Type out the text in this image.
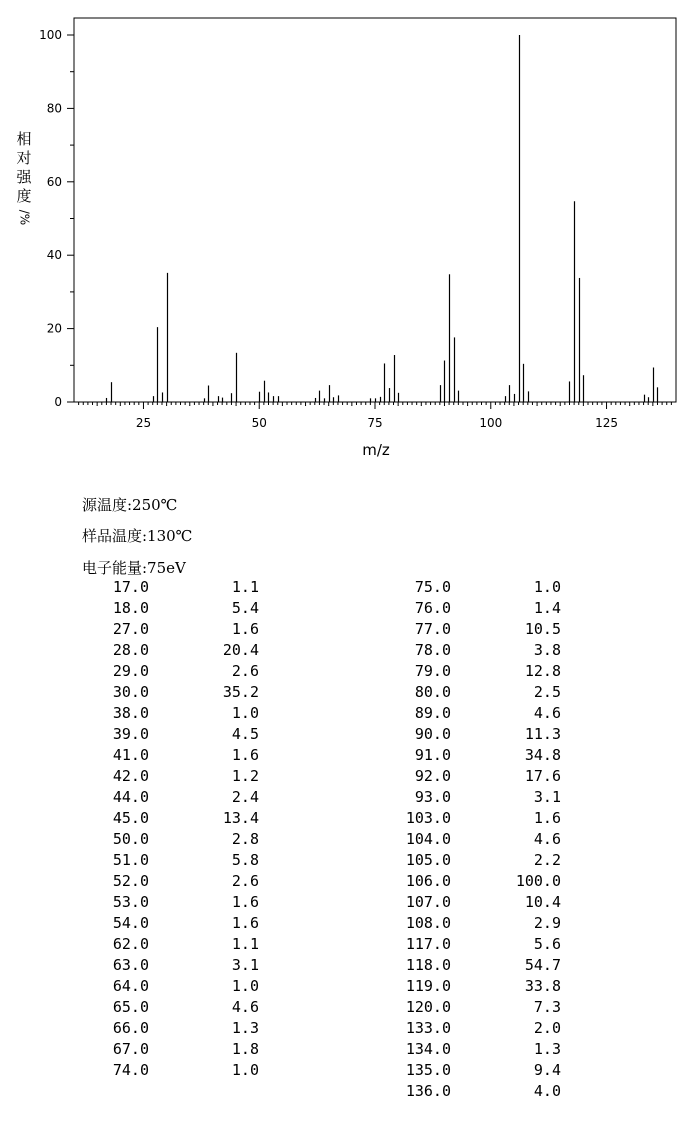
25	50	75	100	125
0
20
40
60
80
100
m/z
相
对
强
度
/%
源温度:250℃
样品温度:130℃
电子能量:75eV
17.0	1.1
18.0	5.4
27.0	1.6
28.0	20.4
29.0	2.6
30.0	35.2
38.0	1.0
39.0	4.5
41.0	1.6
42.0	1.2
44.0	2.4
45.0	13.4
50.0	2.8
51.0	5.8
52.0	2.6
53.0	1.6
54.0	1.6
62.0	1.1
63.0	3.1
64.0	1.0
65.0	4.6
66.0	1.3
67.0	1.8
74.0	1.0
75.0	1.0
76.0	1.4
77.0	10.5
78.0	3.8
79.0	12.8
80.0	2.5
89.0	4.6
90.0	11.3
91.0	34.8
92.0	17.6
93.0	3.1
103.0	1.6
104.0	4.6
105.0	2.2
106.0	100.0
107.0	10.4
108.0	2.9
117.0	5.6
118.0	54.7
119.0	33.8
120.0	7.3
133.0	2.0
134.0	1.3
135.0	9.4
136.0	4.0
